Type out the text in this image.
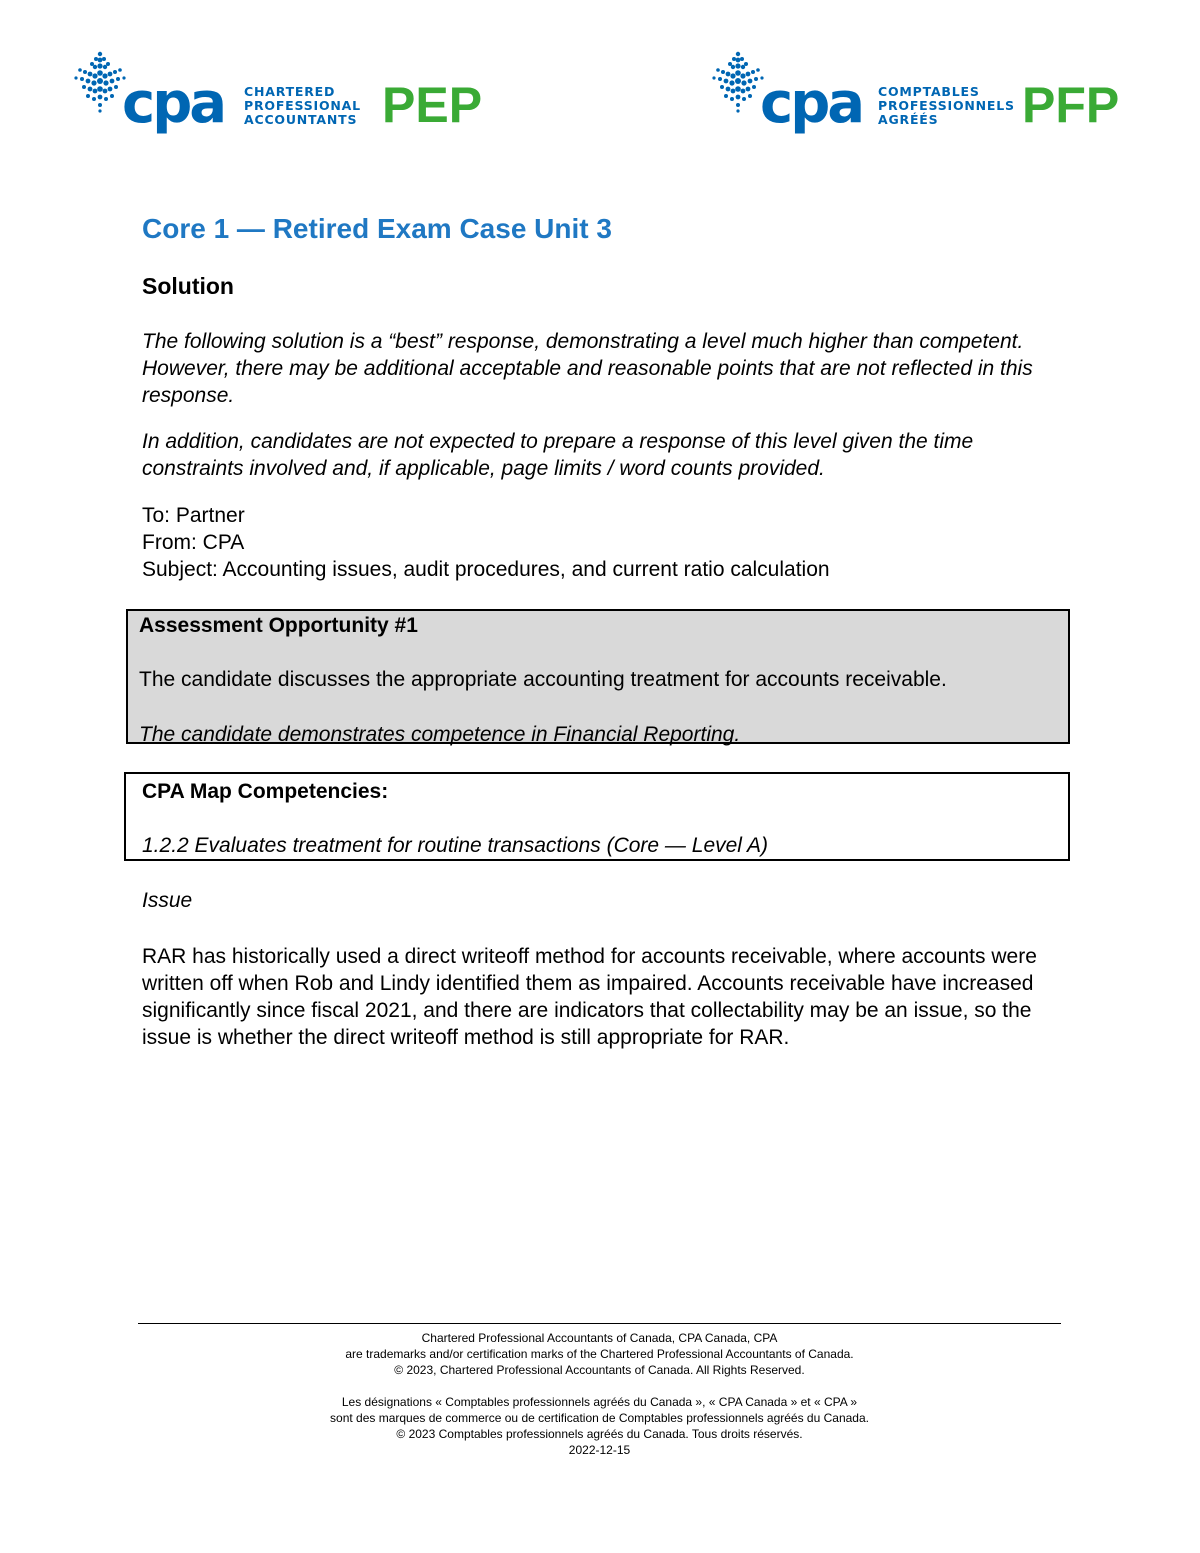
cpa CHARTERED
PROFESSIONAL
ACCOUNTANTS PEP	cpa COMPTABLES
PROFESSIONNELS
AGRÉÉS	PFP
Core 1 — Retired Exam Case Unit 3
Solution
The following solution is a “best” response, demonstrating a level much higher than competent. However, there may be additional acceptable and reasonable points that are not reflected in this response.
In addition, candidates are not expected to prepare a response of this level given the time constraints involved and, if applicable, page limits / word counts provided.
To: Partner
From: CPA
Subject: Accounting issues, audit procedures, and current ratio calculation
Assessment Opportunity #1
The candidate discusses the appropriate accounting treatment for accounts receivable.
The candidate demonstrates competence in Financial Reporting.
CPA Map Competencies:
1.2.2 Evaluates treatment for routine transactions (Core — Level A)
Issue
RAR has historically used a direct writeoff method for accounts receivable, where accounts were written off when Rob and Lindy identified them as impaired. Accounts receivable have increased significantly since fiscal 2021, and there are indicators that collectability may be an issue, so the issue is whether the direct writeoff method is still appropriate for RAR.
Chartered Professional Accountants of Canada, CPA Canada, CPA
are trademarks and/or certification marks of the Chartered Professional Accountants of Canada.
© 2023, Chartered Professional Accountants of Canada. All Rights Reserved.
Les désignations « Comptables professionnels agréés du Canada », « CPA Canada » et « CPA »
sont des marques de commerce ou de certification de Comptables professionnels agréés du Canada.
© 2023 Comptables professionnels agréés du Canada. Tous droits réservés.
2022-12-15
